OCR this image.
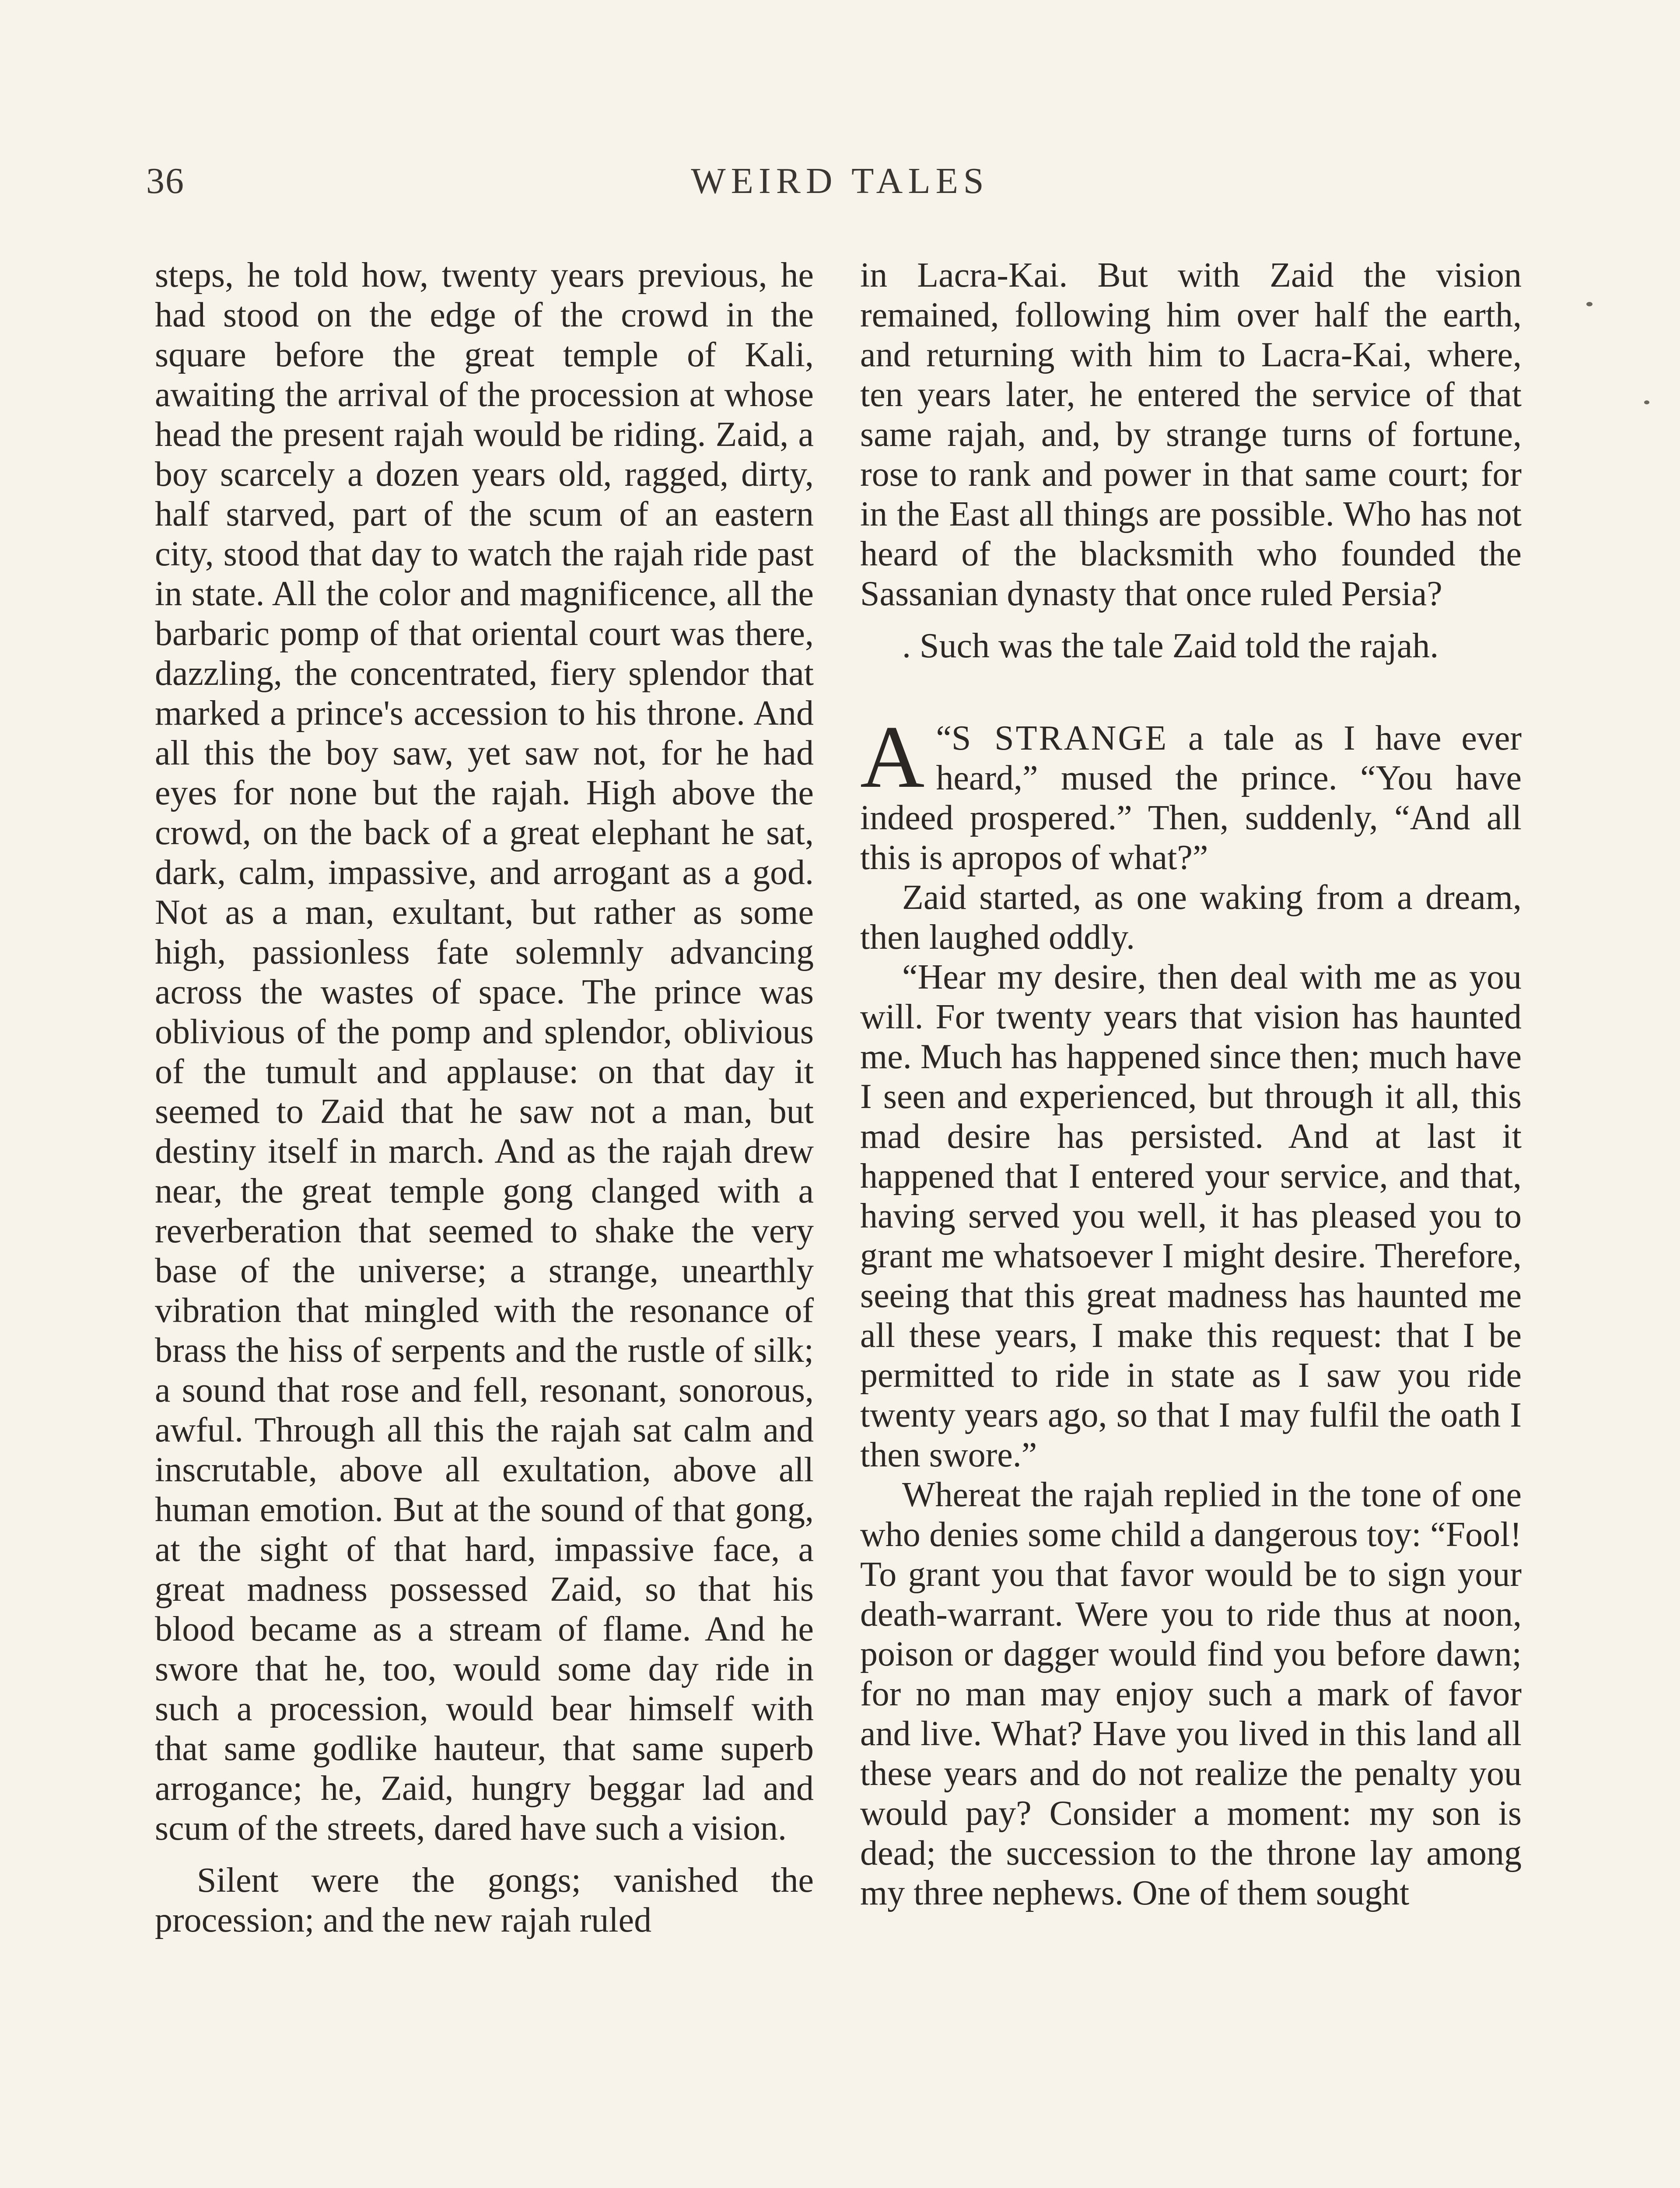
36	WEIRD TALES

steps, he told how, twenty years previous, he had stood on the edge of the crowd in the square before the great temple of Kali, awaiting the arrival of the procession at whose head the present rajah would be riding. Zaid, a boy scarcely a dozen years old, ragged, dirty, half starved, part of the scum of an eastern city, stood that day to watch the rajah ride past in state. All the color and magnificence, all the barbaric pomp of that oriental court was there, dazzling, the concentrated, fiery splendor that marked a prince's accession to his throne. And all this the boy saw, yet saw not, for he had eyes for none but the rajah. High above the crowd, on the back of a great elephant he sat, dark, calm, impassive, and arrogant as a god. Not as a man, exultant, but rather as some high, passionless fate solemnly advancing across the wastes of space. The prince was oblivious of the pomp and splendor, oblivious of the tumult and applause: on that day it seemed to Zaid that he saw not a man, but destiny itself in march. And as the rajah drew near, the great temple gong clanged with a reverberation that seemed to shake the very base of the universe; a strange, unearthly vibration that mingled with the resonance of brass the hiss of serpents and the rustle of silk; a sound that rose and fell, resonant, sonorous, awful. Through all this the rajah sat calm and inscrutable, above all exultation, above all human emotion. But at the sound of that gong, at the sight of that hard, impassive face, a great madness possessed Zaid, so that his blood became as a stream of flame. And he swore that he, too, would some day ride in such a procession, would bear himself with that same godlike hauteur, that same superb arrogance; he, Zaid, hungry beggar lad and scum of the streets, dared have such a vision.

Silent were the gongs; vanished the procession; and the new rajah ruled

in Lacra-Kai. But with Zaid the vision remained, following him over half the earth, and returning with him to Lacra-Kai, where, ten years later, he entered the service of that same rajah, and, by strange turns of fortune, rose to rank and power in that same court; for in the East all things are possible. Who has not heard of the blacksmith who founded the Sassanian dynasty that once ruled Persia?

. Such was the tale Zaid told the rajah.

“
A S STRANGE a tale as I have ever heard,” mused the prince. “You have indeed prospered.” Then, suddenly, “And all this is apropos of what?”

Zaid started, as one waking from a dream, then laughed oddly.

“Hear my desire, then deal with me as you will. For twenty years that vision has haunted me. Much has happened since then; much have I seen and experienced, but through it all, this mad desire has persisted. And at last it happened that I entered your service, and that, having served you well, it has pleased you to grant me whatsoever I might desire. Therefore, seeing that this great madness has haunted me all these years, I make this request: that I be permitted to ride in state as I saw you ride twenty years ago, so that I may fulfil the oath I then swore.”

Whereat the rajah replied in the tone of one who denies some child a dangerous toy: “Fool! To grant you that favor would be to sign your death-warrant. Were you to ride thus at noon, poison or dagger would find you before dawn; for no man may enjoy such a mark of favor and live. What? Have you lived in this land all these years and do not realize the penalty you would pay? Consider a moment: my son is dead; the succession to the throne lay among my three nephews. One of them sought
